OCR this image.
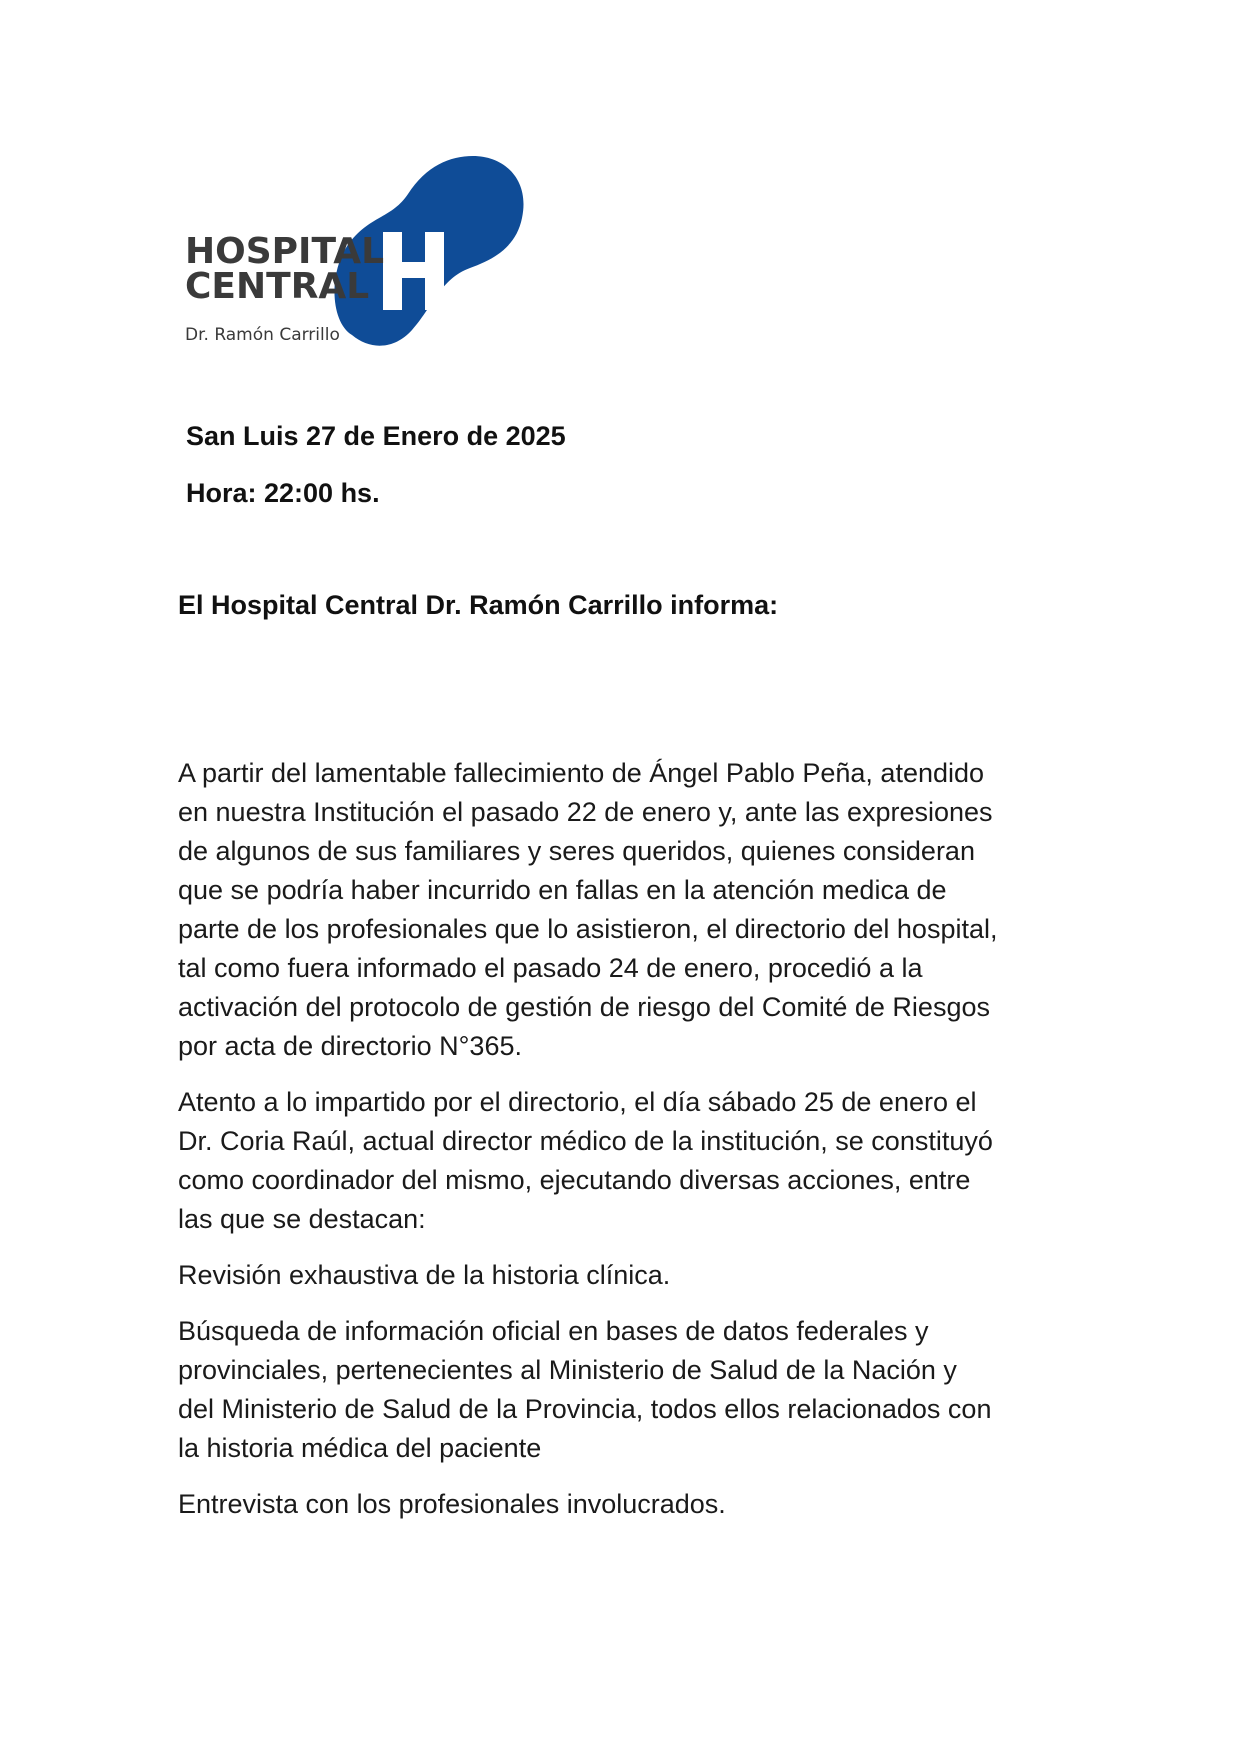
HOSPITAL
CENTRAL
Dr. Ramón Carrillo
San Luis 27 de Enero de 2025
Hora: 22:00 hs.
El Hospital Central Dr. Ramón Carrillo informa:

A partir del lamentable fallecimiento de Ángel Pablo Peña, atendido
en nuestra Institución el pasado 22 de enero y, ante las expresiones
de algunos de sus familiares y seres queridos, quienes consideran
que se podría haber incurrido en fallas en la atención medica de
parte de los profesionales que lo asistieron, el directorio del hospital,
tal como fuera informado el pasado 24 de enero, procedió a la
activación del protocolo de gestión de riesgo del Comité de Riesgos
por acta de directorio N°365.

Atento a lo impartido por el directorio, el día sábado 25 de enero el
Dr. Coria Raúl, actual director médico de la institución, se constituyó
como coordinador del mismo, ejecutando diversas acciones, entre
las que se destacan:

Revisión exhaustiva de la historia clínica.

Búsqueda de información oficial en bases de datos federales y
provinciales, pertenecientes al Ministerio de Salud de la Nación y
del Ministerio de Salud de la Provincia, todos ellos relacionados con
la historia médica del paciente

Entrevista con los profesionales involucrados.
